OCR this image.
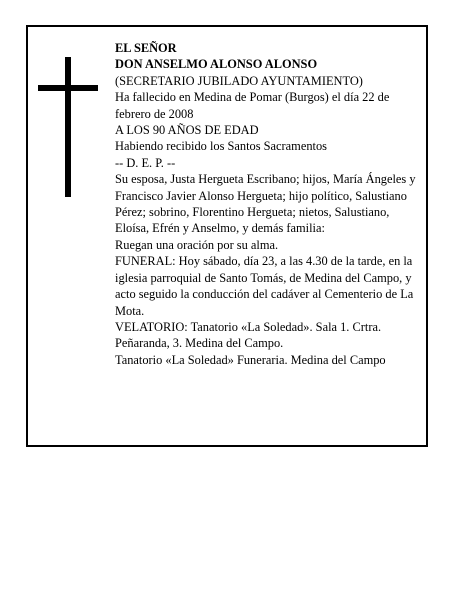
EL SEÑOR

DON ANSELMO ALONSO ALONSO

(SECRETARIO JUBILADO AYUNTAMIENTO)

Ha fallecido en Medina de Pomar (Burgos) el día 22 de febrero de 2008

A LOS 90 AÑOS DE EDAD

Habiendo recibido los Santos Sacramentos

-- D. E. P. --

Su esposa, Justa Hergueta Escribano; hijos, María Ángeles y Francisco Javier Alonso Hergueta; hijo político, Salustiano Pérez; sobrino, Florentino Hergueta; nietos, Salustiano, Eloísa, Efrén y Anselmo, y demás familia:

Ruegan una oración por su alma.

FUNERAL: Hoy sábado, día 23, a las 4.30 de la tarde, en la iglesia parroquial de Santo Tomás, de Medina del Campo, y acto seguido la conducción del cadáver al Cementerio de La Mota.

VELATORIO: Tanatorio «La Soledad». Sala 1. Crtra. Peñaranda, 3. Medina del Campo.

Tanatorio «La Soledad» Funeraria. Medina del Campo
